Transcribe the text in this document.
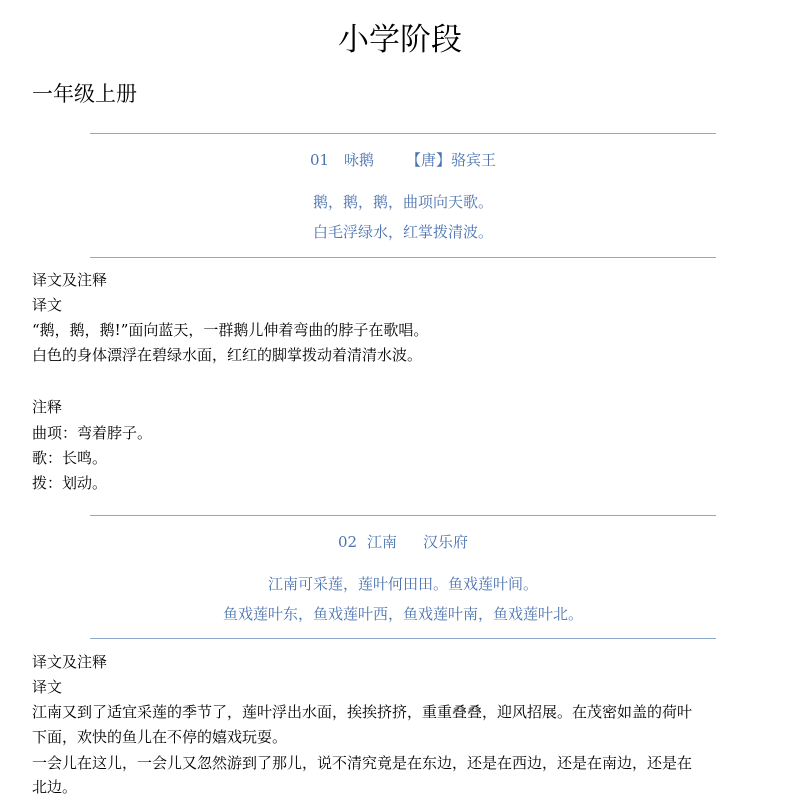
小学阶段
一年级上册
01 咏鹅 【唐】骆宾王
鹅，鹅，鹅，曲项向天歌。
白毛浮绿水，红掌拨清波。

译文及注释

译文

“鹅，鹅，鹅!”面向蓝天，一群鹅儿伸着弯曲的脖子在歌唱。

白色的身体漂浮在碧绿水面，红红的脚掌拨动着清清水波。

注释

曲项：弯着脖子。

歌：长鸣。

拨：划动。

02 江南 汉乐府
江南可采莲，莲叶何田田。鱼戏莲叶间。
鱼戏莲叶东，鱼戏莲叶西，鱼戏莲叶南，鱼戏莲叶北。

译文及注释

译文

江南又到了适宜采莲的季节了，莲叶浮出水面，挨挨挤挤，重重叠叠，迎风招展。在茂密如盖的荷叶

下面，欢快的鱼儿在不停的嬉戏玩耍。

一会儿在这儿，一会儿又忽然游到了那儿，说不清究竟是在东边，还是在西边，还是在南边，还是在

北边。
